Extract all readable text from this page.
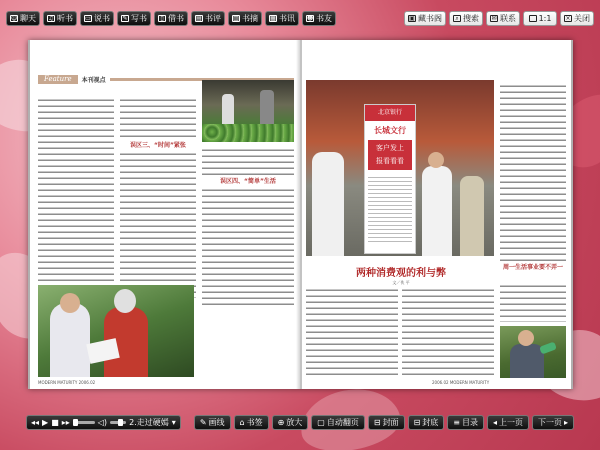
☺ 聊天 ♫ 听书 ▭ 说书 ✎ 写书	▯ 借书 ▤ 书评 ▥ 书摘 ▦ 书讯 ☻ 书友	▣ 藏书阁	⌕ 搜索 ✉ 联系	1:1 × 关闭
Feature	本刊视点
误区三、“时间”紧张
误区四、“简单”生活
MODERN MATURITY 2006.02
北京银行
长城文行
客户发上
报看看看
两种消费观的利与弊
文／佚 平
周一生活事业要不弄一
2006.02 MODERN MATURITY
◂◂ ▶ ■ ▸▸	◁)	2.走过硬嫣 ▾	✎ 画线 ⌂ 书签 ⊕ 放大 ▢ 自动翻页 ⊟ 封面 ⊟ 封底 ≡ 目录 ◂ 上一页 下一页 ▸
